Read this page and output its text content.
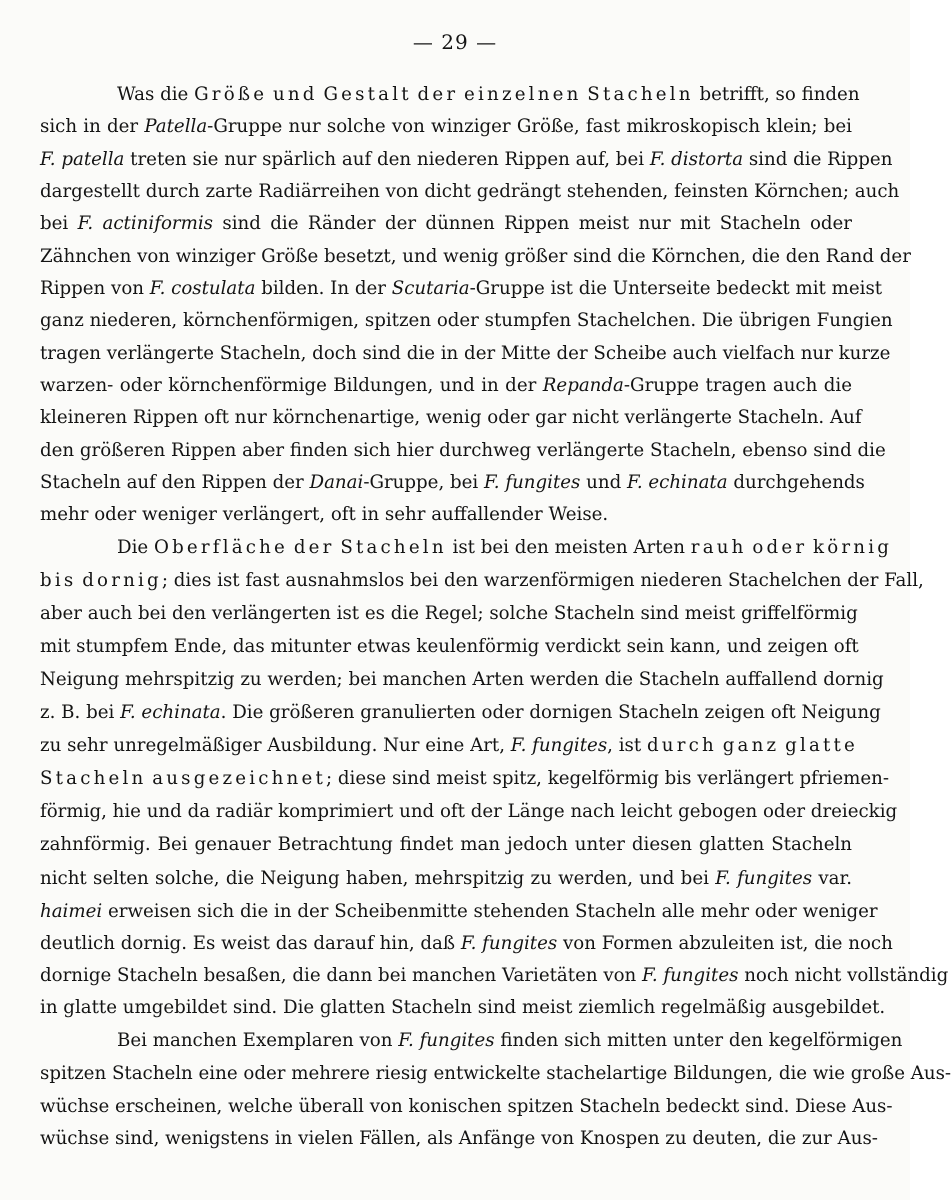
— 29 —
Was die Größe und Gestalt der einzelnen Stacheln betrifft, so finden
sich in der Patella-Gruppe nur solche von winziger Größe, fast mikroskopisch klein; bei
F. patella treten sie nur spärlich auf den niederen Rippen auf, bei F. distorta sind die Rippen
dargestellt durch zarte Radiärreihen von dicht gedrängt stehenden, feinsten Körnchen; auch
bei F. actiniformis sind die Ränder der dünnen Rippen meist nur mit Stacheln oder
Zähnchen von winziger Größe besetzt, und wenig größer sind die Körnchen, die den Rand der
Rippen von F. costulata bilden. In der Scutaria-Gruppe ist die Unterseite bedeckt mit meist
ganz niederen, körnchenförmigen, spitzen oder stumpfen Stachelchen. Die übrigen Fungien
tragen verlängerte Stacheln, doch sind die in der Mitte der Scheibe auch vielfach nur kurze
warzen- oder körnchenförmige Bildungen, und in der Repanda-Gruppe tragen auch die
kleineren Rippen oft nur körnchenartige, wenig oder gar nicht verlängerte Stacheln. Auf
den größeren Rippen aber finden sich hier durchweg verlängerte Stacheln, ebenso sind die
Stacheln auf den Rippen der Danai-Gruppe, bei F. fungites und F. echinata durchgehends
mehr oder weniger verlängert, oft in sehr auffallender Weise.
Die Oberfläche der Stacheln ist bei den meisten Arten rauh oder körnig
bis dornig; dies ist fast ausnahmslos bei den warzenförmigen niederen Stachelchen der Fall,
aber auch bei den verlängerten ist es die Regel; solche Stacheln sind meist griffelförmig
mit stumpfem Ende, das mitunter etwas keulenförmig verdickt sein kann, und zeigen oft
Neigung mehrspitzig zu werden; bei manchen Arten werden die Stacheln auffallend dornig
z. B. bei F. echinata. Die größeren granulierten oder dornigen Stacheln zeigen oft Neigung
zu sehr unregelmäßiger Ausbildung. Nur eine Art, F. fungites, ist durch ganz glatte
Stacheln ausgezeichnet; diese sind meist spitz, kegelförmig bis verlängert pfriemen-
förmig, hie und da radiär komprimiert und oft der Länge nach leicht gebogen oder dreieckig
zahnförmig. Bei genauer Betrachtung findet man jedoch unter diesen glatten Stacheln
nicht selten solche, die Neigung haben, mehrspitzig zu werden, und bei F. fungites var.
haimei erweisen sich die in der Scheibenmitte stehenden Stacheln alle mehr oder weniger
deutlich dornig. Es weist das darauf hin, daß F. fungites von Formen abzuleiten ist, die noch
dornige Stacheln besaßen, die dann bei manchen Varietäten von F. fungites noch nicht vollständig
in glatte umgebildet sind. Die glatten Stacheln sind meist ziemlich regelmäßig ausgebildet.
Bei manchen Exemplaren von F. fungites finden sich mitten unter den kegelförmigen
spitzen Stacheln eine oder mehrere riesig entwickelte stachelartige Bildungen, die wie große Aus-
wüchse erscheinen, welche überall von konischen spitzen Stacheln bedeckt sind. Diese Aus-
wüchse sind, wenigstens in vielen Fällen, als Anfänge von Knospen zu deuten, die zur Aus-
